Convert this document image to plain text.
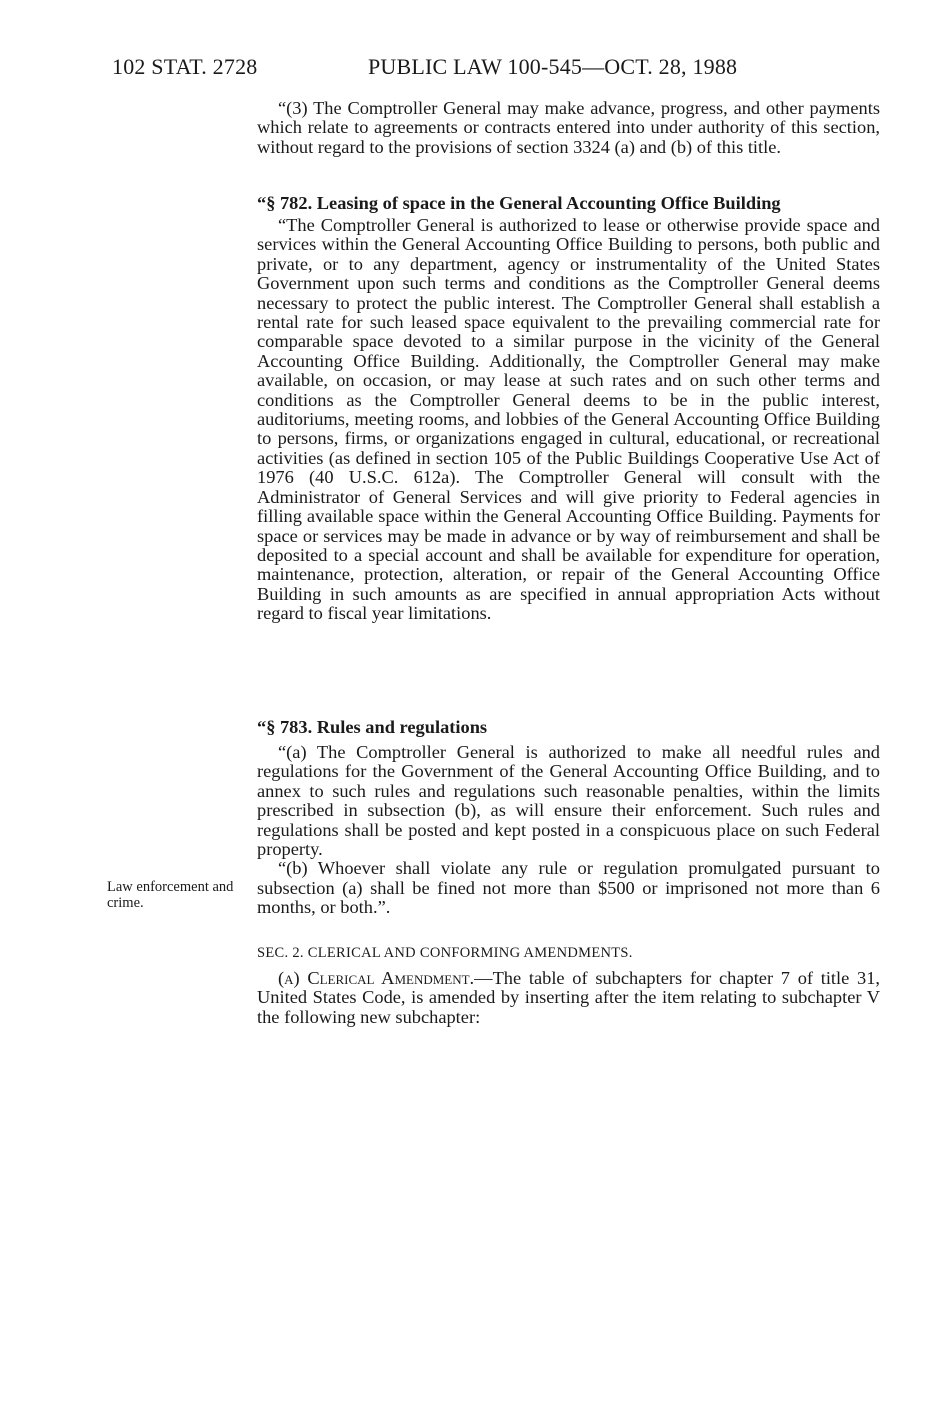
102 STAT. 2728	PUBLIC LAW 100-545—OCT. 28, 1988

“(3) The Comptroller General may make advance, progress, and other payments which relate to agreements or contracts entered into under authority of this section, without regard to the provisions of section 3324 (a) and (b) of this title.

“§ 782. Leasing of space in the General Accounting Office Building

“The Comptroller General is authorized to lease or otherwise provide space and services within the General Accounting Office Building to persons, both public and private, or to any department, agency or instrumentality of the United States Government upon such terms and conditions as the Comptroller General deems necessary to protect the public interest. The Comptroller General shall establish a rental rate for such leased space equivalent to the prevailing commercial rate for comparable space devoted to a similar purpose in the vicinity of the General Accounting Office Building. Additionally, the Comptroller General may make available, on occasion, or may lease at such rates and on such other terms and conditions as the Comptroller General deems to be in the public interest, auditoriums, meeting rooms, and lobbies of the General Accounting Office Building to persons, firms, or organizations engaged in cultural, educational, or recreational activities (as defined in section 105 of the Public Buildings Cooperative Use Act of 1976 (40 U.S.C. 612a). The Comptroller General will consult with the Administrator of General Services and will give priority to Federal agencies in filling available space within the General Accounting Office Building. Payments for space or services may be made in advance or by way of reimbursement and shall be deposited to a special account and shall be available for expenditure for operation, maintenance, protection, alteration, or repair of the General Accounting Office Building in such amounts as are specified in annual appropriation Acts without regard to fiscal year limitations.

“§ 783. Rules and regulations

“(a) The Comptroller General is authorized to make all needful rules and regulations for the Government of the General Accounting Office Building, and to annex to such rules and regulations such reasonable penalties, within the limits prescribed in subsection (b), as will ensure their enforcement. Such rules and regulations shall be posted and kept posted in a conspicuous place on such Federal property.

“(b) Whoever shall violate any rule or regulation promulgated pursuant to subsection (a) shall be fined not more than $500 or imprisoned not more than 6 months, or both.”.

Law enforcement and crime.

SEC. 2. CLERICAL AND CONFORMING AMENDMENTS.

(a) Clerical Amendment.—The table of subchapters for chapter 7 of title 31, United States Code, is amended by inserting after the item relating to subchapter V the following new subchapter:
